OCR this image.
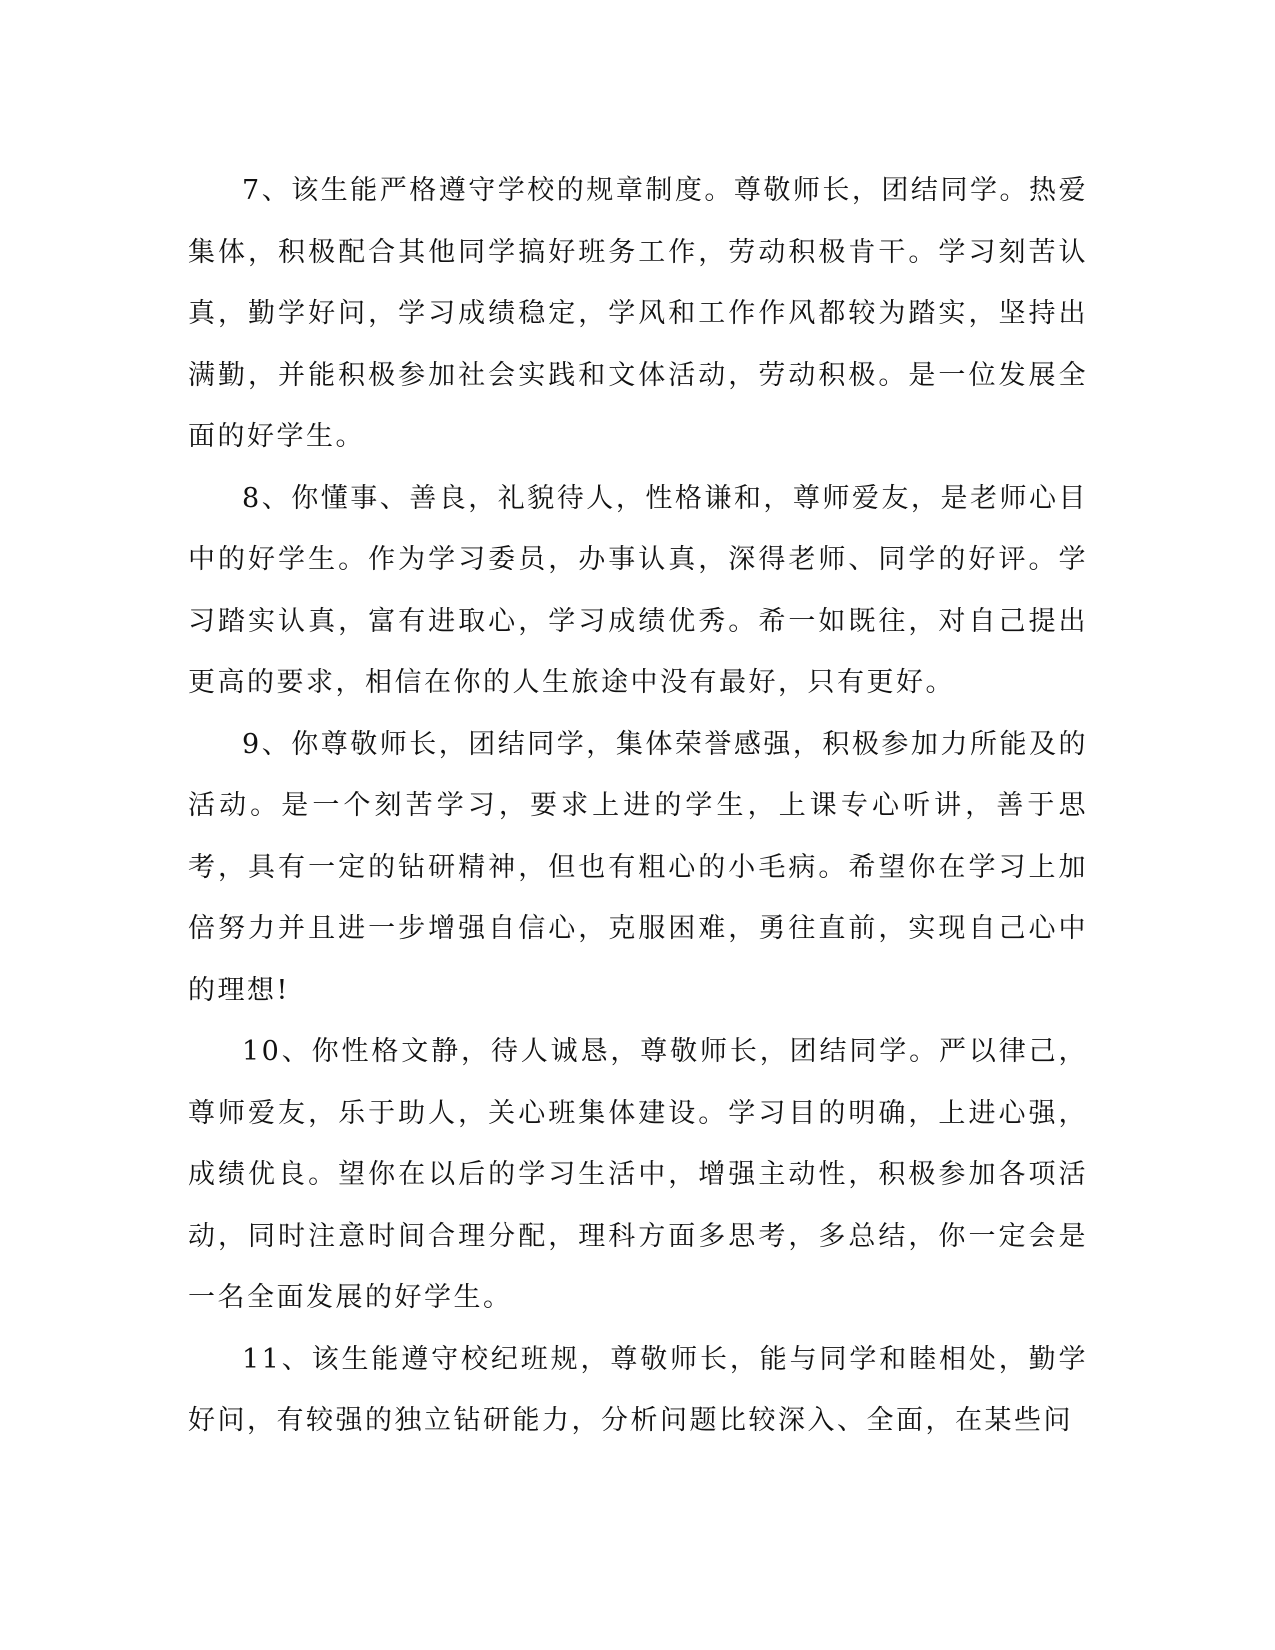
7、该生能严格遵守学校的规章制度。尊敬师长，团结同学。热爱集体，积极配合其他同学搞好班务工作，劳动积极肯干。学习刻苦认真，勤学好问，学习成绩稳定，学风和工作作风都较为踏实，坚持出满勤，并能积极参加社会实践和文体活动，劳动积极。是一位发展全面的好学生。

8、你懂事、善良，礼貌待人，性格谦和，尊师爱友，是老师心目中的好学生。作为学习委员，办事认真，深得老师、同学的好评。学习踏实认真，富有进取心，学习成绩优秀。希一如既往，对自己提出更高的要求，相信在你的人生旅途中没有最好，只有更好。

9、你尊敬师长，团结同学，集体荣誉感强，积极参加力所能及的活动。是一个刻苦学习，要求上进的学生，上课专心听讲，善于思考，具有一定的钻研精神，但也有粗心的小毛病。希望你在学习上加倍努力并且进一步增强自信心，克服困难，勇往直前，实现自己心中的理想!

10、你性格文静，待人诚恳，尊敬师长，团结同学。严以律己，尊师爱友，乐于助人，关心班集体建设。学习目的明确，上进心强，成绩优良。望你在以后的学习生活中，增强主动性，积极参加各项活动，同时注意时间合理分配，理科方面多思考，多总结，你一定会是一名全面发展的好学生。

11、该生能遵守校纪班规，尊敬师长，能与同学和睦相处，勤学好问，有较强的独立钻研能力，分析问题比较深入、全面，在某些问
